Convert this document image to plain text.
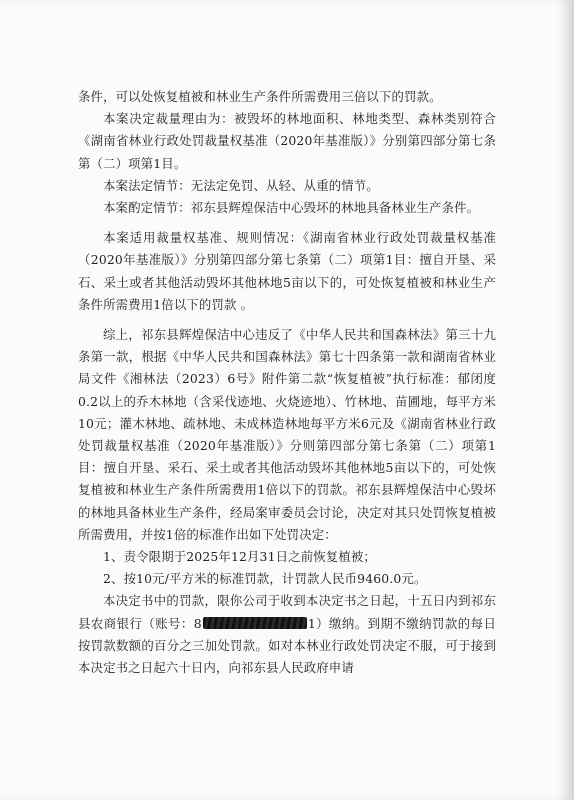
条件，可以处恢复植被和林业生产条件所需费用三倍以下的罚款。

本案决定裁量理由为：被毁坏的林地面积、林地类型、森林类别符合《湖南省林业行政处罚裁量权基准（2020年基准版）》分别第四部分第七条第（二）项第1目。

本案法定情节：无法定免罚、从轻、从重的情节。

本案酌定情节：祁东县辉煌保洁中心毁坏的林地具备林业生产条件。

本案适用裁量权基准、规则情况：《湖南省林业行政处罚裁量权基准（2020年基准版）》分别第四部分第七条第（二）项第1目：擅自开垦、采石、采土或者其他活动毁坏其他林地5亩以下的，可处恢复植被和林业生产条件所需费用1倍以下的罚款 。

综上，祁东县辉煌保洁中心违反了《中华人民共和国森林法》第三十九条第一款，根据《中华人民共和国森林法》第七十四条第一款和湖南省林业局文件《湘林法（2023）6号》附件第二款“恢复植被”执行标准：郁闭度0.2以上的乔木林地（含采伐迹地、火烧迹地）、竹林地、苗圃地，每平方米10元；灌木林地、疏林地、未成林造林地每平方米6元及《湖南省林业行政处罚裁量权基准（2020年基准版）》分则第四部分第七条第（二）项第1目：擅自开垦、采石、采土或者其他活动毁坏其他林地5亩以下的，可处恢复植被和林业生产条件所需费用1倍以下的罚款。祁东县辉煌保洁中心毁坏的林地具备林业生产条件，经局案审委员会讨论，决定对其只处罚恢复植被所需费用，并按1倍的标准作出如下处罚决定：

1、责令限期于2025年12月31日之前恢复植被；

2、按10元/平方米的标准罚款，计罚款人民币9460.0元。

本决定书中的罚款，限你公司于收到本决定书之日起，十五日内到祁东县农商银行（账号：8	1）缴纳。到期不缴纳罚款的每日按罚款数额的百分之三加处罚款。如对本林业行政处罚决定不服，可于接到本决定书之日起六十日内，向祁东县人民政府申请
